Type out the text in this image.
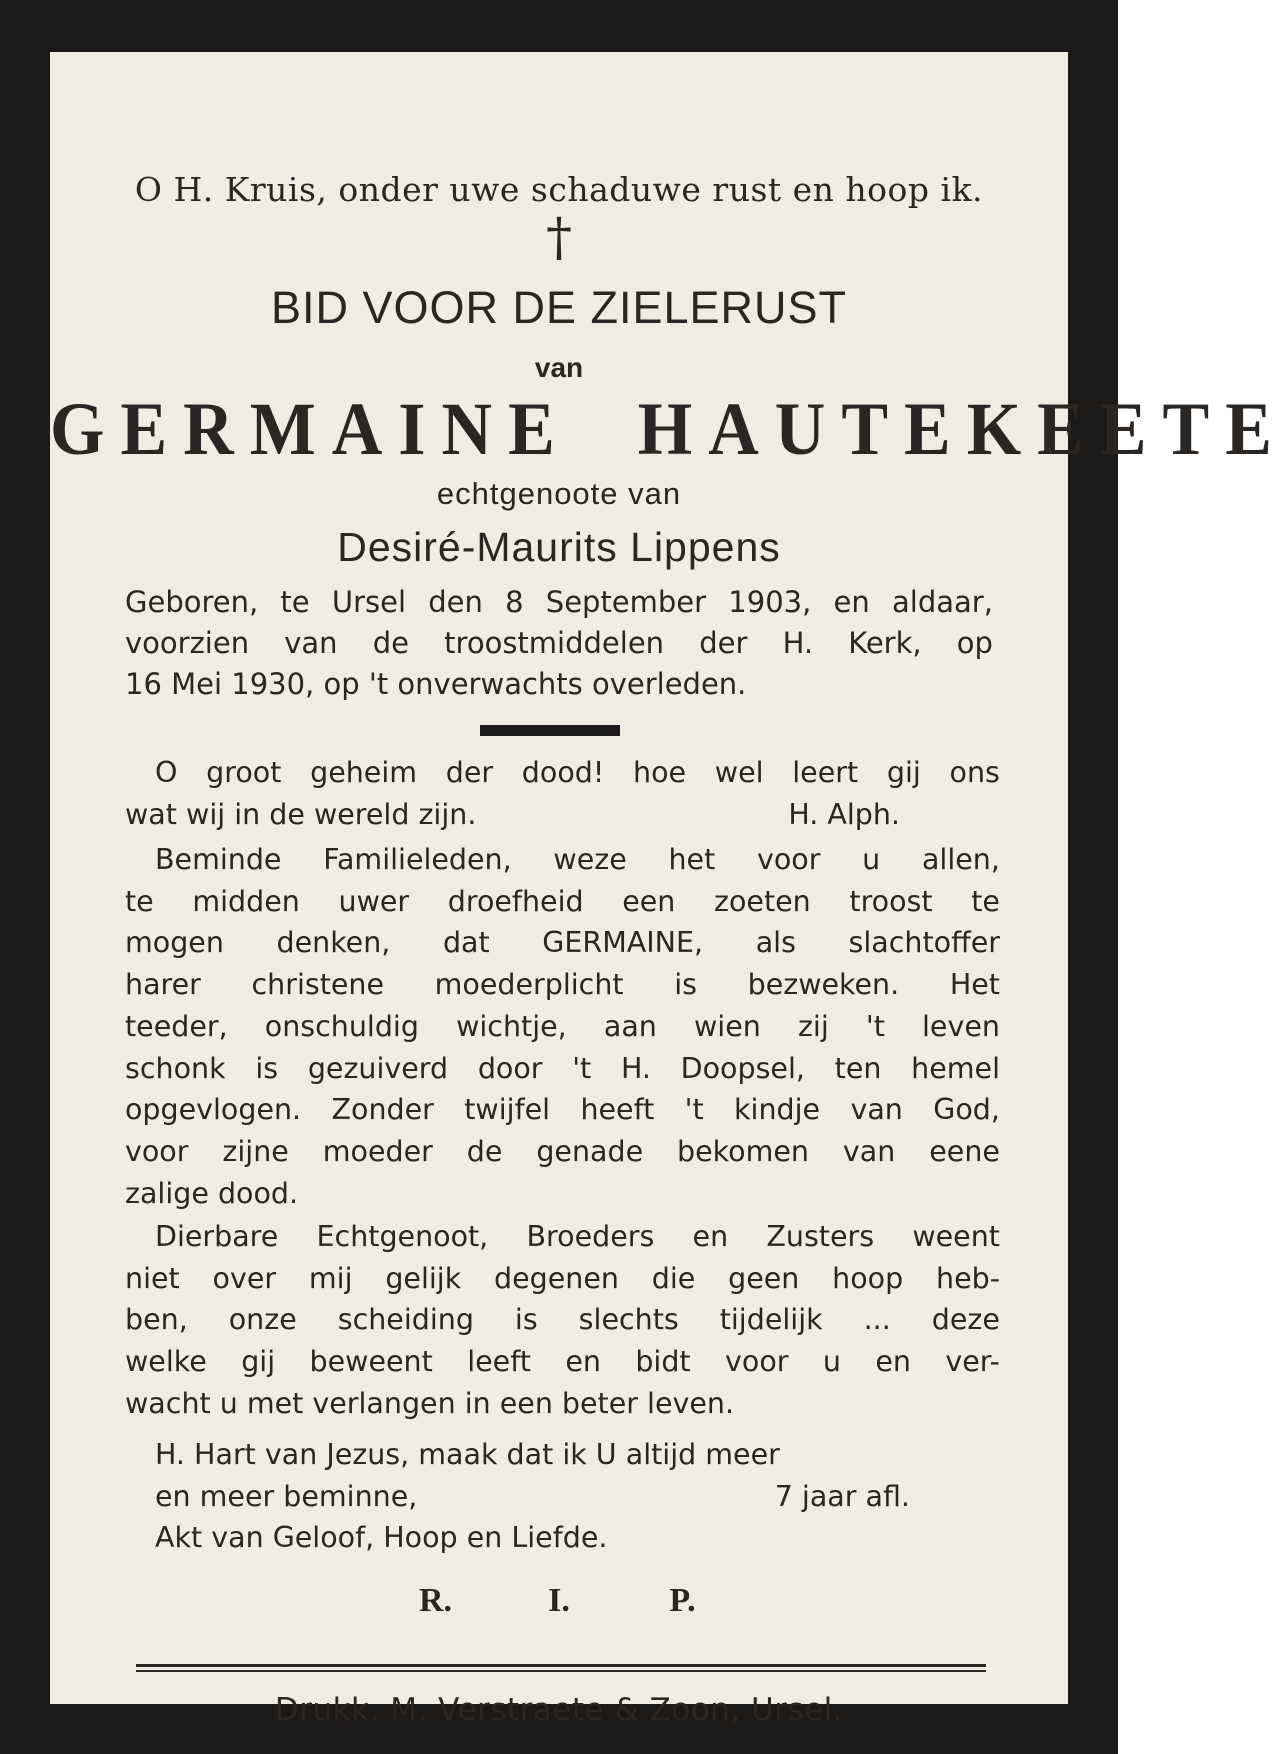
O H. Kruis, onder uwe schaduwe rust en hoop ik.
†
BID VOOR DE ZIELERUST
van
GERMAINE  HAUTEKEETE
echtgenoote van
Desiré-Maurits Lippens
Geboren, te Ursel den 8 September 1903, en aldaar,
voorzien van de troostmiddelen der H. Kerk, op
16 Mei 1930, op 't onverwachts overleden.
O groot geheim der dood! hoe wel leert gij ons
wat wij in de wereld zijn.	H. Alph.
Beminde Familieleden, weze het voor u allen,
te midden uwer droefheid een zoeten troost te
mogen denken, dat GERMAINE, als slachtoffer
harer christene moederplicht is bezweken. Het
teeder, onschuldig wichtje, aan wien zij 't leven
schonk is gezuiverd door 't H. Doopsel, ten hemel
opgevlogen. Zonder twijfel heeft 't kindje van God,
voor zijne moeder de genade bekomen van eene
zalige dood.
Dierbare Echtgenoot, Broeders en Zusters weent
niet over mij gelijk degenen die geen hoop heb-
ben, onze scheiding is slechts tijdelijk ... deze
welke gij beweent leeft en bidt voor u en ver-
wacht u met verlangen in een beter leven.
H. Hart van Jezus, maak dat ik U altijd meer
en meer beminne,	7 jaar afl.
Akt van Geloof, Hoop en Liefde.
R.	I.	P.
Drukk. M. Verstraete & Zoon, Ursel.
